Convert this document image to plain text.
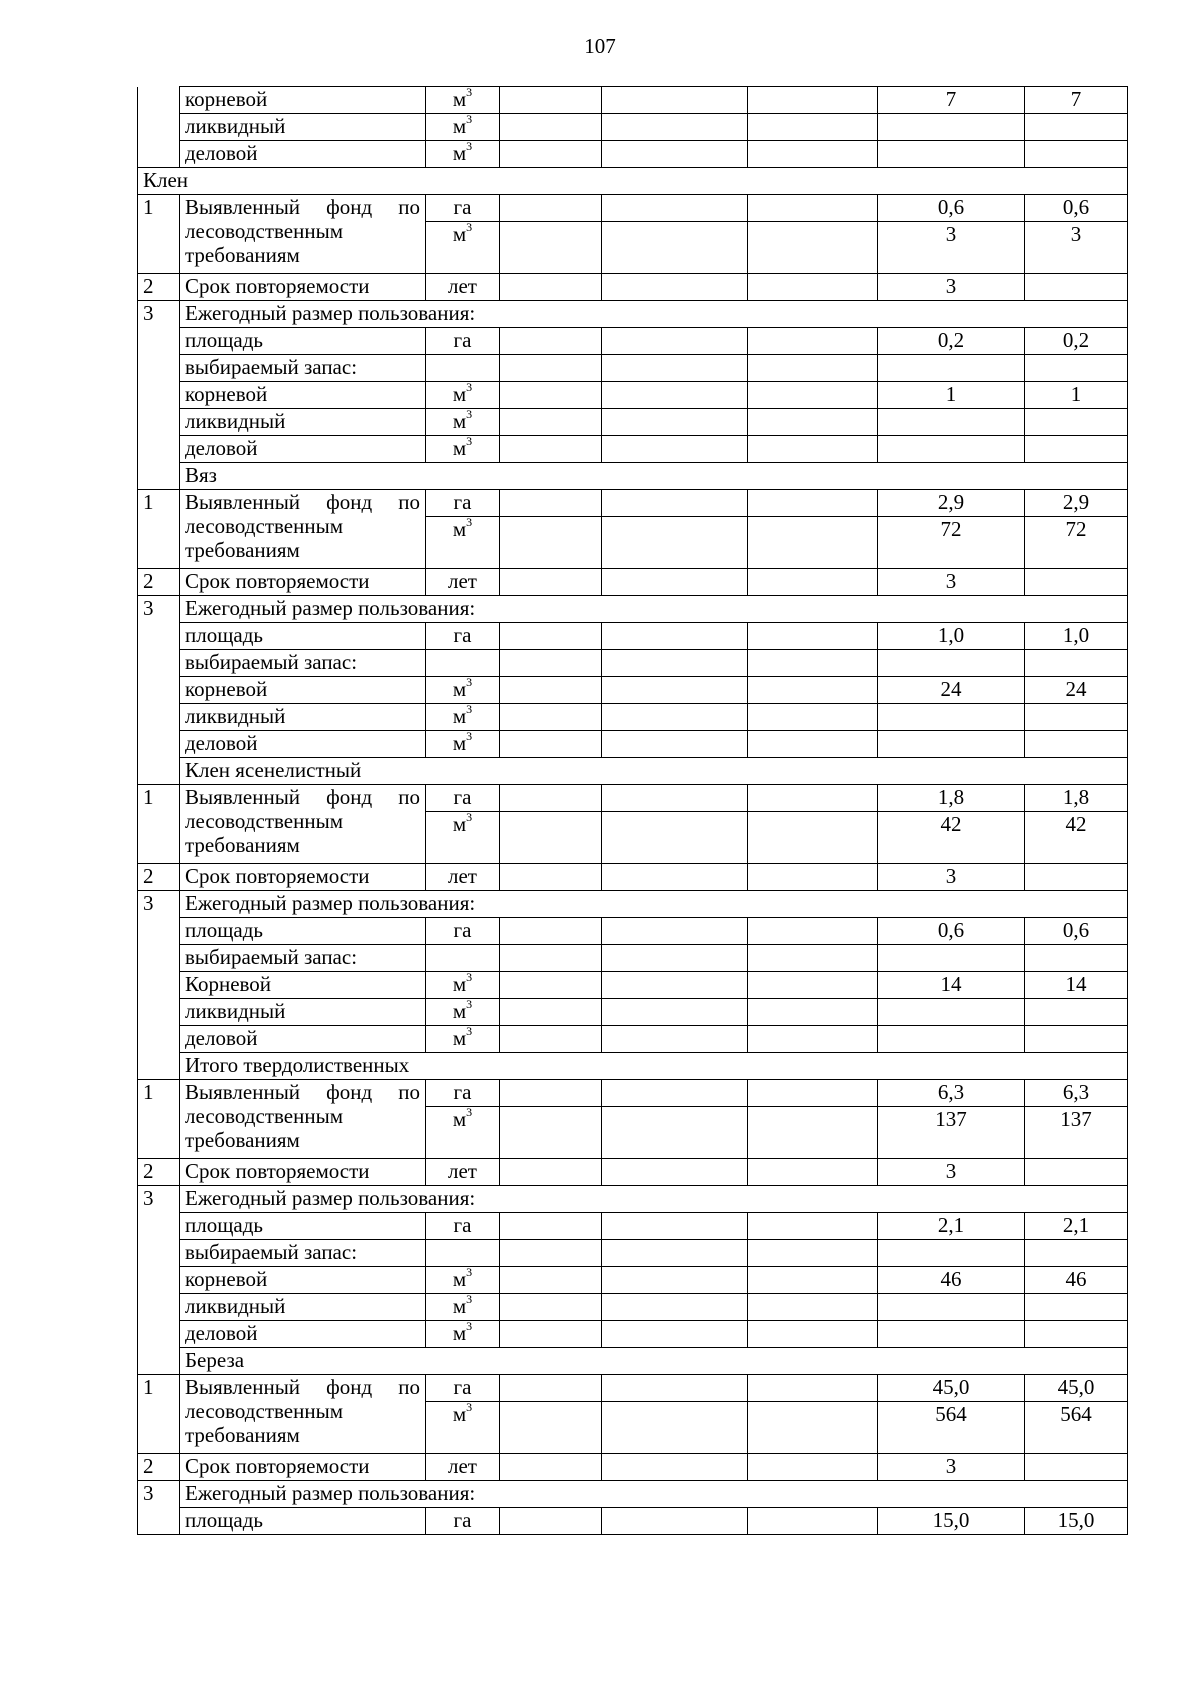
107
	корневой	$м^3$				7	7
	ликвидный	$м^3$					
	деловой	$м^3$					
Клен							
1	Выявленный фонд по
лесоводственным
требованиям	га				0,6	0,6
		$м^3$				3	3
2	Срок повторяемости	лет				3	
3	Ежегодный размер пользования:						
	площадь	га				0,2	0,2
	выбираемый запас:						
	корневой	$м^3$				1	1
	ликвидный	$м^3$					
	деловой	$м^3$					
	Вяз						
1	Выявленный фонд по
лесоводственным
требованиям	га				2,9	2,9
		$м^3$				72	72
2	Срок повторяемости	лет				3	
3	Ежегодный размер пользования:						
	площадь	га				1,0	1,0
	выбираемый запас:						
	корневой	$м^3$				24	24
	ликвидный	$м^3$					
	деловой	$м^3$					
	Клен ясенелистный						
1	Выявленный фонд по
лесоводственным
требованиям	га				1,8	1,8
		$м^3$				42	42
2	Срок повторяемости	лет				3	
3	Ежегодный размер пользования:						
	площадь	га				0,6	0,6
	выбираемый запас:						
	Корневой	$м^3$				14	14
	ликвидный	$м^3$					
	деловой	$м^3$					
	Итого твердолиственных						
1	Выявленный фонд по
лесоводственным
требованиям	га				6,3	6,3
		$м^3$				137	137
2	Срок повторяемости	лет				3	
3	Ежегодный размер пользования:						
	площадь	га				2,1	2,1
	выбираемый запас:						
	корневой	$м^3$				46	46
	ликвидный	$м^3$					
	деловой	$м^3$					
	Береза						
1	Выявленный фонд по
лесоводственным
требованиям	га				45,0	45,0
		$м^3$				564	564
2	Срок повторяемости	лет				3	
3	Ежегодный размер пользования:						
	площадь	га				15,0	15,0
